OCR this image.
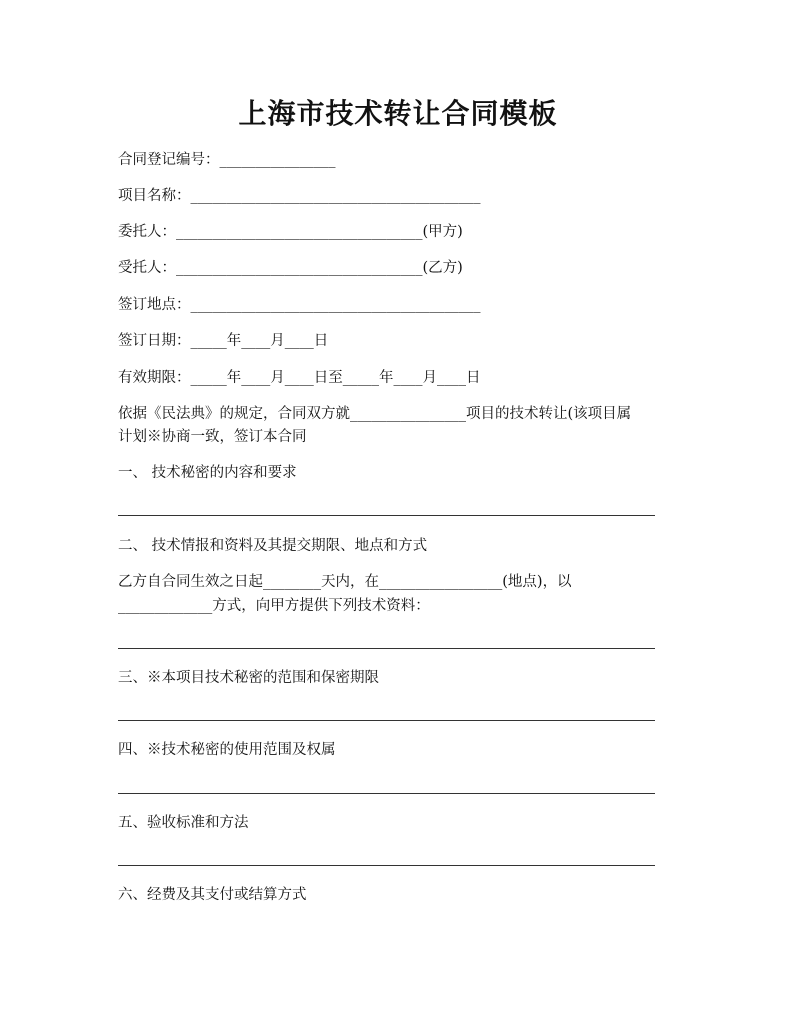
上海市技术转让合同模板
合同登记编号：________________
项目名称：________________________________________
委托人：__________________________________(甲方)
受托人：__________________________________(乙方)
签订地点：________________________________________
签订日期：_____年____月____日
有效期限：_____年____月____日至_____年____月____日
依据《民法典》的规定，合同双方就________________项目的技术转让(该项目属
计划※协商一致，签订本合同
一、 技术秘密的内容和要求
二、 技术情报和资料及其提交期限、地点和方式
乙方自合同生效之日起________天内，在_________________(地点)，以
_____________方式，向甲方提供下列技术资料：
三、※本项目技术秘密的范围和保密期限
四、※技术秘密的使用范围及权属
五、验收标准和方法
六、经费及其支付或结算方式
